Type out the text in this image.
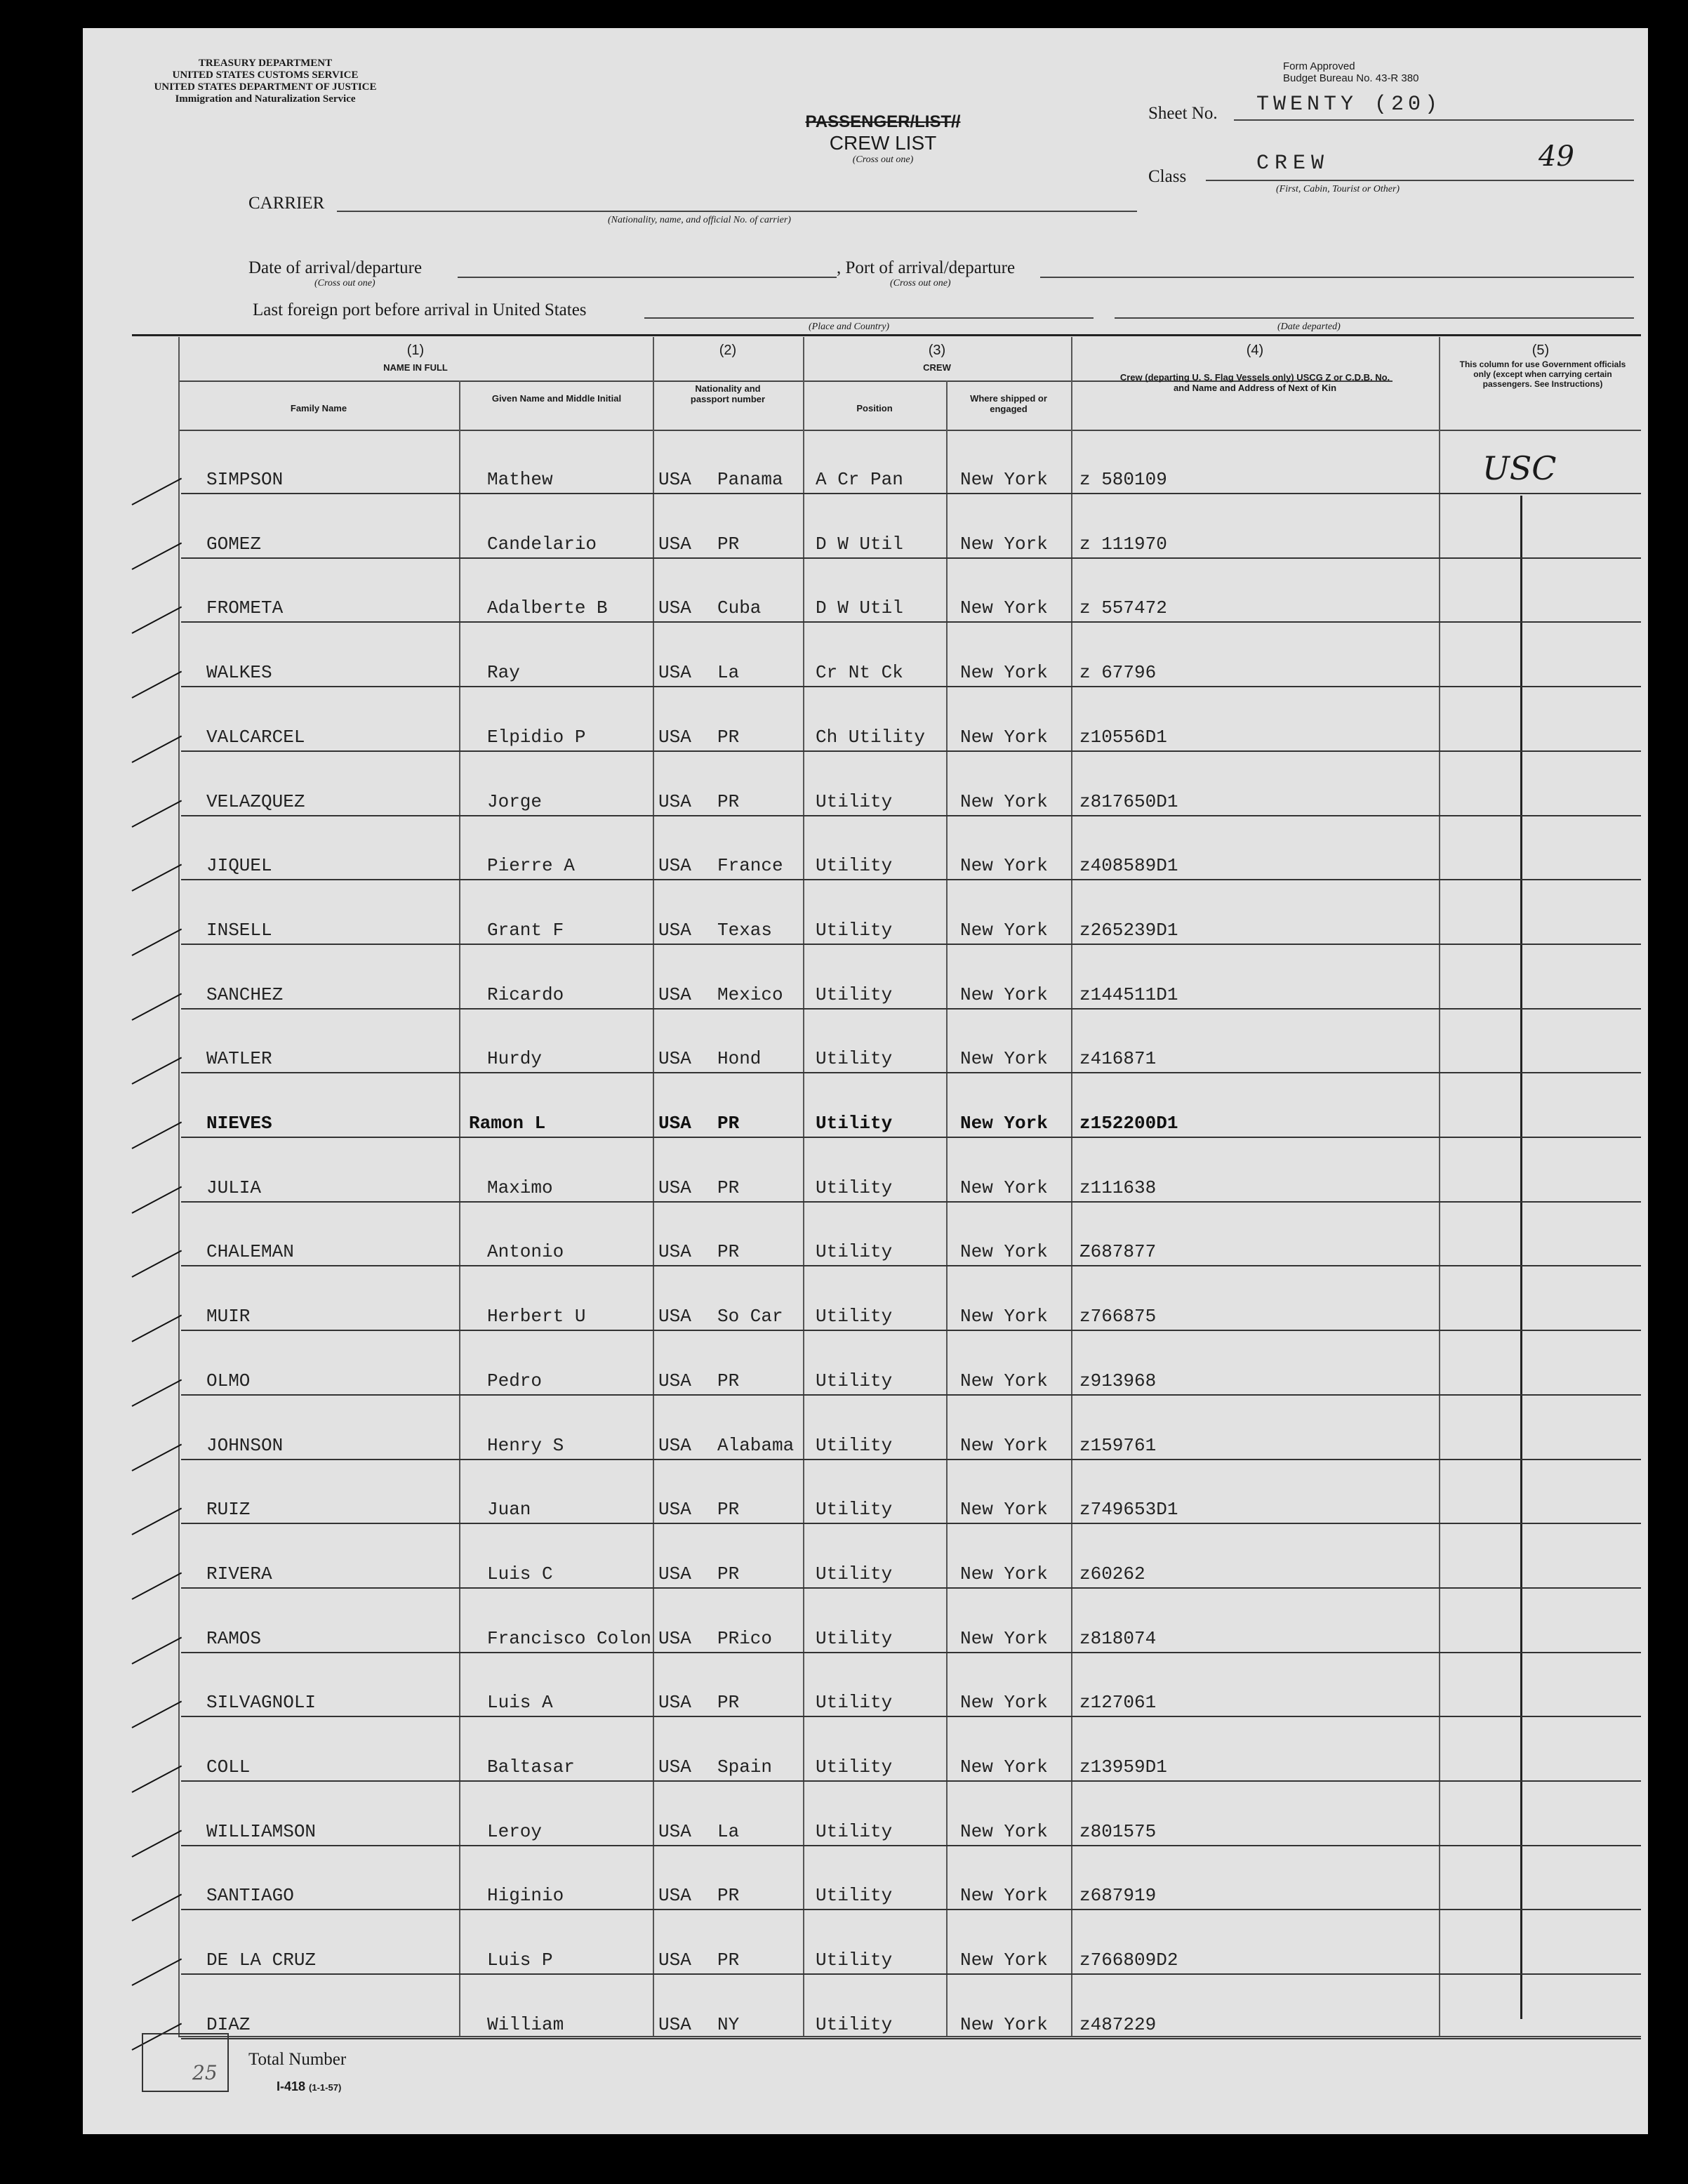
TREASURY DEPARTMENT
UNITED STATES CUSTOMS SERVICE
UNITED STATES DEPARTMENT OF JUSTICE
Immigration and Naturalization Service
Form Approved
Budget Bureau No. 43-R 380
PASSENGER/LIST//
CREW LIST
(Cross out one)
Sheet No. TWENTY (20)
Class
CREW	49
(First, Cabin, Tourist or Other)
CARRIER
(Nationality, name, and official No. of carrier)
Date of arrival/departure
(Cross out one)
, Port of arrival/departure
(Cross out one)
Last foreign port before arrival in United States
(Place and Country)	(Date departed)
(1)
NAME IN FULL
Family Name
Given Name and Middle Initial
(2)
Nationality and passport number
(3)
CREW
Position
Where shipped or engaged
(4)
Crew (departing U. S. Flag Vessels only) USCG Z or C.D.B. No. and Name and Address of Next of Kin
(5)
This column for use Government officials only (except when carrying certain passengers. See Instructions)
USC
SIMPSON	Mathew	USA Panama A Cr Pan	New York z 580109
GOMEZ	Candelario	USA PR	D W Util	New York z 111970
FROMETA	Adalberte B	USA Cuba	D W Util	New York z 557472
WALKES	Ray	USA La	Cr Nt Ck	New York z 67796
VALCARCEL	Elpidio P	USA PR	Ch Utility New York z10556D1
VELAZQUEZ	Jorge	USA PR	Utility	New York z817650D1
JIQUEL	Pierre A	USA France Utility	New York z408589D1
INSELL	Grant F	USA Texas Utility	New York z265239D1
SANCHEZ	Ricardo	USA Mexico Utility	New York z144511D1
WATLER	Hurdy	USA Hond	Utility	New York z416871
NIEVES	Ramon L	USA PR	Utility	New York z152200D1
JULIA	Maximo	USA PR	Utility	New York z111638
CHALEMAN	Antonio	USA PR	Utility	New York Z687877
MUIR	Herbert U	USA So Car Utility	New York z766875
OLMO	Pedro	USA PR	Utility	New York z913968
JOHNSON	Henry S	USA Alabama Utility	New York z159761
RUIZ	Juan	USA PR	Utility	New York z749653D1
RIVERA	Luis C	USA PR	Utility	New York z60262
RAMOS	Francisco Colon USA PRico Utility	New York z818074
SILVAGNOLI	Luis A	USA PR	Utility	New York z127061
COLL	Baltasar	USA Spain Utility	New York z13959D1
WILLIAMSON	Leroy	USA La	Utility	New York z801575
SANTIAGO	Higinio	USA PR	Utility	New York z687919
DE LA CRUZ	Luis P	USA PR	Utility	New York z766809D2
DIAZ	William	USA NY	Utility	New York z487229
25
Total Number
I-418 (1-1-57)
